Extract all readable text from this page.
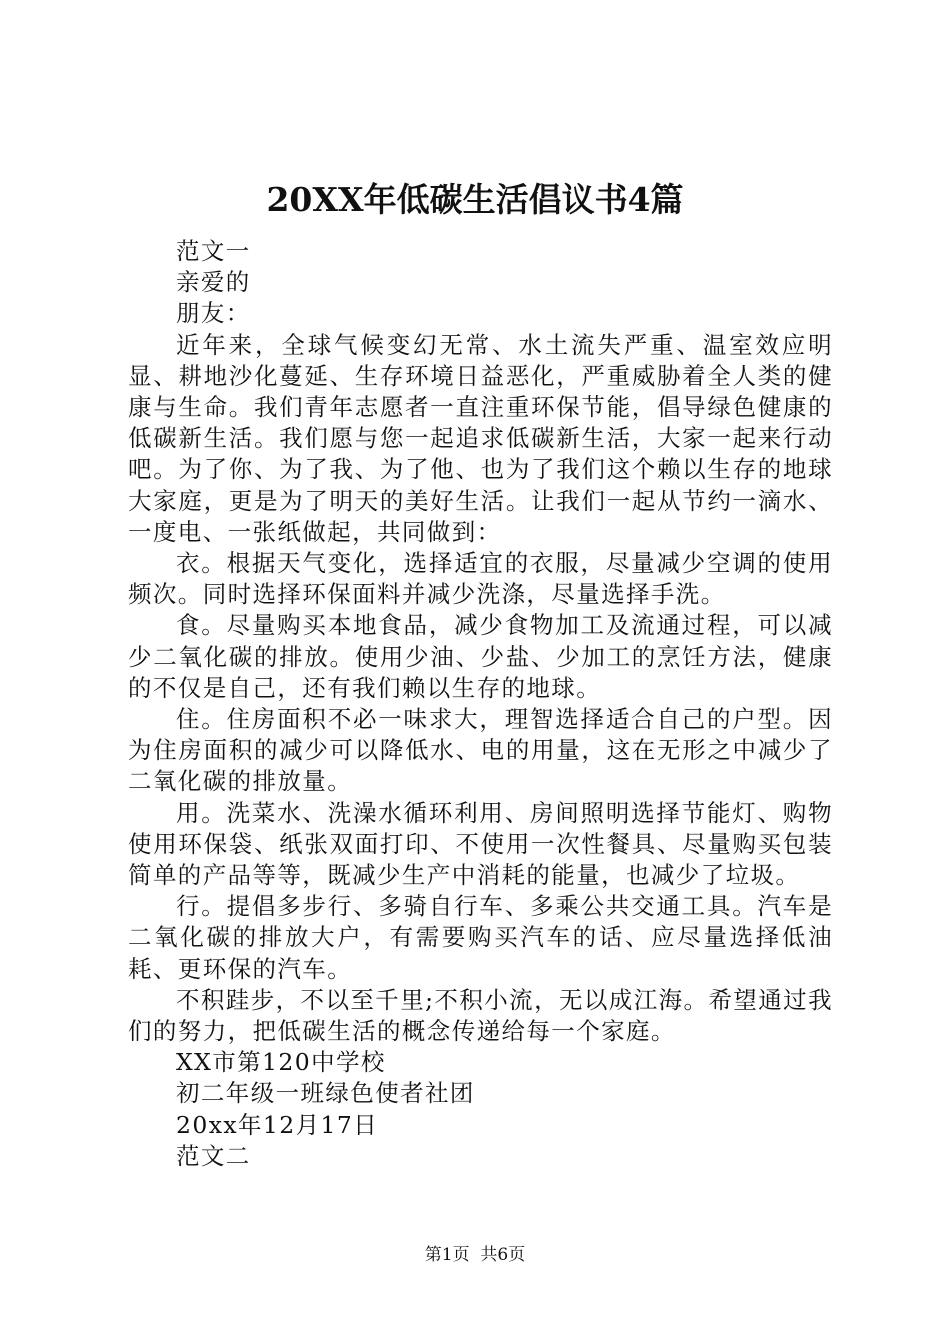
20XX年低碳生活倡议书4篇

范文一

亲爱的

朋友：

近年来，全球气候变幻无常、水土流失严重、温室效应明显、耕地沙化蔓延、生存环境日益恶化，严重威胁着全人类的健康与生命。我们青年志愿者一直注重环保节能，倡导绿色健康的低碳新生活。我们愿与您一起追求低碳新生活，大家一起来行动吧。为了你、为了我、为了他、也为了我们这个赖以生存的地球大家庭，更是为了明天的美好生活。让我们一起从节约一滴水、一度电、一张纸做起，共同做到：

衣。根据天气变化，选择适宜的衣服，尽量减少空调的使用频次。同时选择环保面料并减少洗涤，尽量选择手洗。

食。尽量购买本地食品，减少食物加工及流通过程，可以减少二氧化碳的排放。使用少油、少盐、少加工的烹饪方法，健康的不仅是自己，还有我们赖以生存的地球。

住。住房面积不必一味求大，理智选择适合自己的户型。因为住房面积的减少可以降低水、电的用量，这在无形之中减少了二氧化碳的排放量。

用。洗菜水、洗澡水循环利用、房间照明选择节能灯、购物使用环保袋、纸张双面打印、不使用一次性餐具、尽量购买包装简单的产品等等，既减少生产中消耗的能量，也减少了垃圾。

行。提倡多步行、多骑自行车、多乘公共交通工具。汽车是二氧化碳的排放大户，有需要购买汽车的话、应尽量选择低油耗、更环保的汽车。

不积跬步，不以至千里;不积小流，无以成江海。希望通过我们的努力，把低碳生活的概念传递给每一个家庭。

XX市第120中学校

初二年级一班绿色使者社团

20xx年12月17日

范文二

第1页 共6页
